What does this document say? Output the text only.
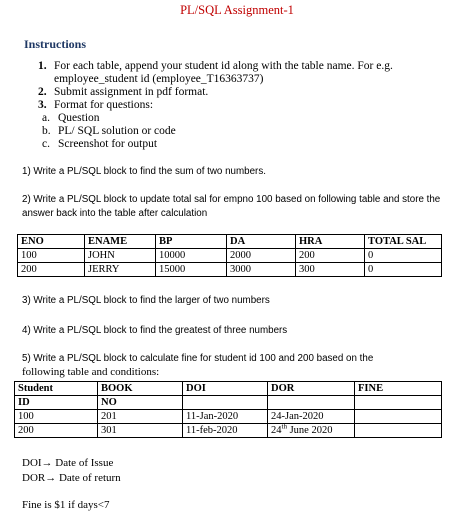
PL/SQL Assignment-1
Instructions
1. For each table, append your student id along with the table name. For e.g.
employee_student id (employee_T16363737)
2. Submit assignment in pdf format.
3. Format for questions:
a. Question
b. PL/ SQL solution or code
c. Screenshot for output
1) Write a PL/SQL block to find the sum of two numbers.
2) Write a PL/SQL block to update total sal for empno 100 based on following table and store the
answer back into the table after calculation
ENO	ENAME	BP	DA	HRA	TOTAL SAL
100	JOHN	10000	2000	200	0
200	JERRY	15000	3000	300	0
3) Write a PL/SQL block to find the larger of two numbers
4) Write a PL/SQL block to find the greatest of three numbers
5) Write a PL/SQL block to calculate fine for student id 100 and 200 based on the
following table and conditions:
Student	BOOK	DOI	DOR	FINE
ID	NO			
100	201	11-Jan-2020	24-Jan-2020	
200	301	11-feb-2020	24th June 2020	
DOI→ Date of Issue
DOR→ Date of return
Fine is $1 if days<7
